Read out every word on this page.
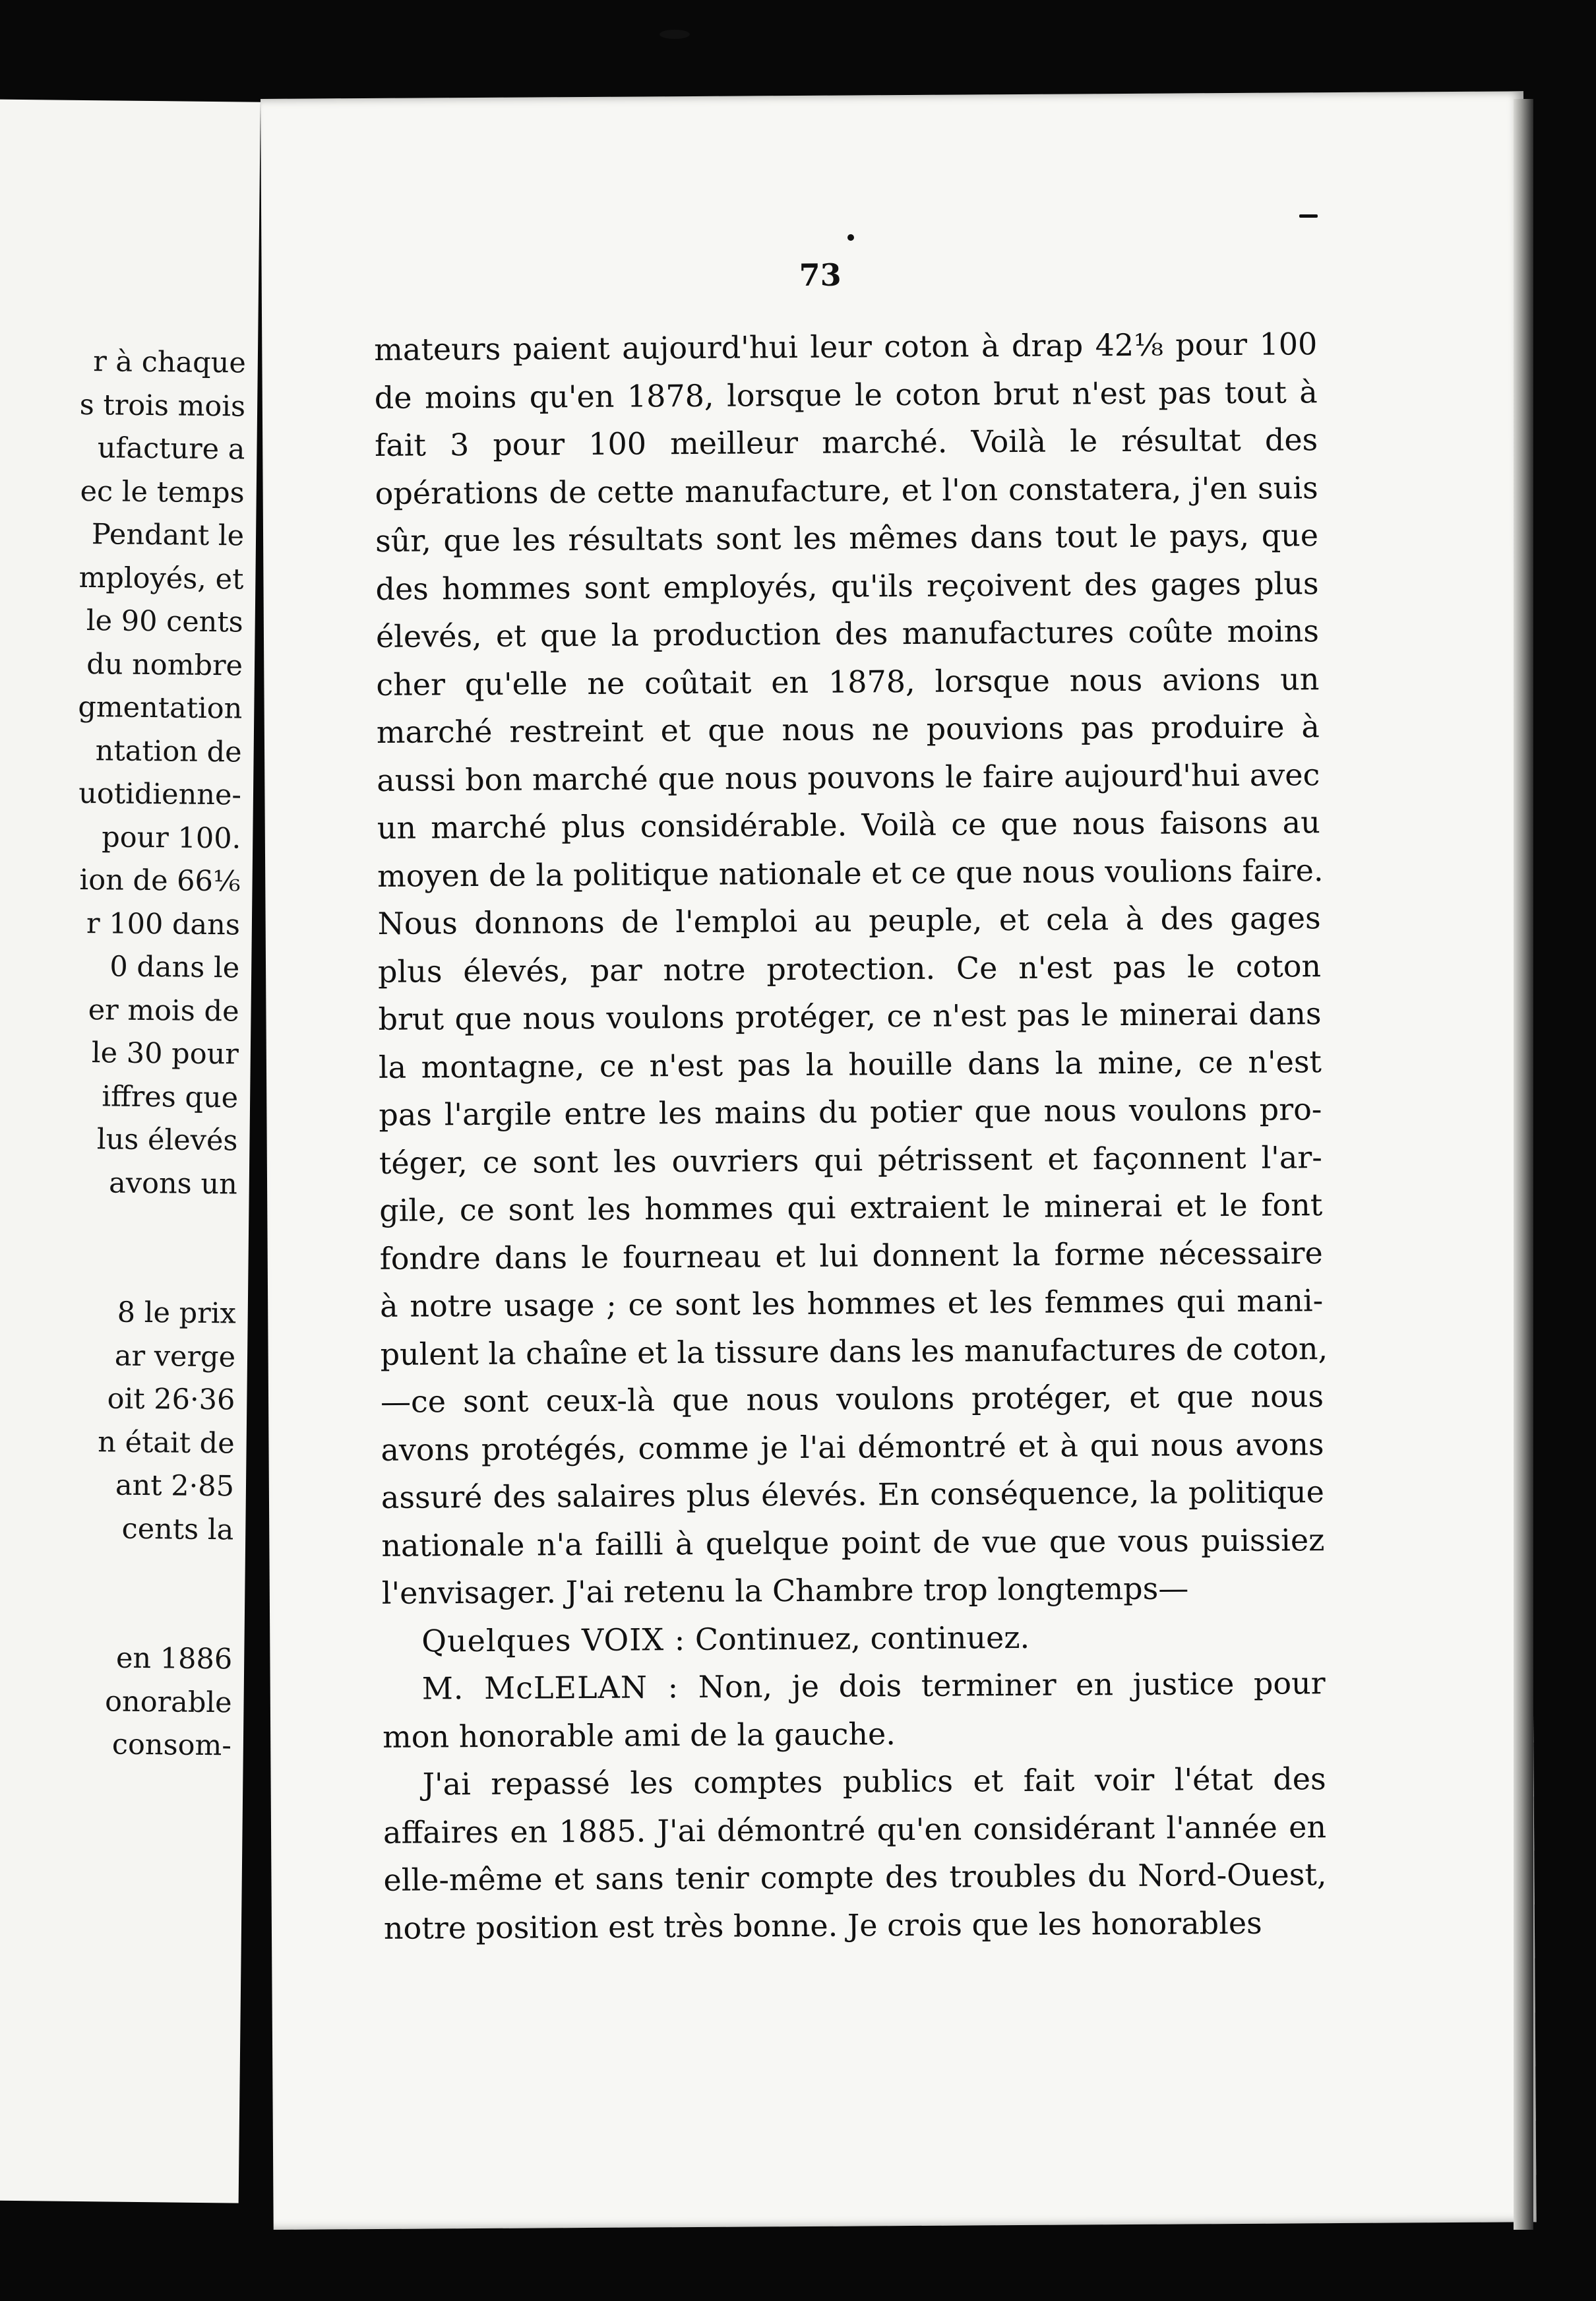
r à chaque
s trois mois
ufacture a
ec le temps
Pendant le
mployés, et
le 90 cents
du nombre
gmentation
ntation de
uotidienne-
pour 100.
ion de 66⅙
r 100 dans
0 dans le
er mois de
le 30 pour
iffres que
lus élevés
avons un
8 le prix
ar verge
oit 26·36
n était de
ant 2·85
cents la
en 1886
onorable
consom-
73
mateurs paient aujourd'hui leur coton à drap 42⅛ pour 100
de moins qu'en 1878, lorsque le coton brut n'est pas tout à
fait 3 pour 100 meilleur marché. Voilà le résultat des
opérations de cette manufacture, et l'on constatera, j'en suis
sûr, que les résultats sont les mêmes dans tout le pays, que
des hommes sont employés, qu'ils reçoivent des gages plus
élevés, et que la production des manufactures coûte moins
cher qu'elle ne coûtait en 1878, lorsque nous avions un
marché restreint et que nous ne pouvions pas produire à
aussi bon marché que nous pouvons le faire aujourd'hui avec
un marché plus considérable. Voilà ce que nous faisons au
moyen de la politique nationale et ce que nous voulions faire.
Nous donnons de l'emploi au peuple, et cela à des gages
plus élevés, par notre protection. Ce n'est pas le coton
brut que nous voulons protéger, ce n'est pas le minerai dans
la montagne, ce n'est pas la houille dans la mine, ce n'est
pas l'argile entre les mains du potier que nous voulons pro-
téger, ce sont les ouvriers qui pétrissent et façonnent l'ar-
gile, ce sont les hommes qui extraient le minerai et le font
fondre dans le fourneau et lui donnent la forme nécessaire
à notre usage ; ce sont les hommes et les femmes qui mani-
pulent la chaîne et la tissure dans les manufactures de coton,
—ce sont ceux-là que nous voulons protéger, et que nous
avons protégés, comme je l'ai démontré et à qui nous avons
assuré des salaires plus élevés. En conséquence, la politique
nationale n'a failli à quelque point de vue que vous puissiez
l'envisager. J'ai retenu la Chambre trop longtemps—
Quelques VOIX : Continuez, continuez.
M. McLELAN : Non, je dois terminer en justice pour
mon honorable ami de la gauche.
J'ai repassé les comptes publics et fait voir l'état des
affaires en 1885. J'ai démontré qu'en considérant l'année en
elle-même et sans tenir compte des troubles du Nord-Ouest,
notre position est très bonne. Je crois que les honorables
